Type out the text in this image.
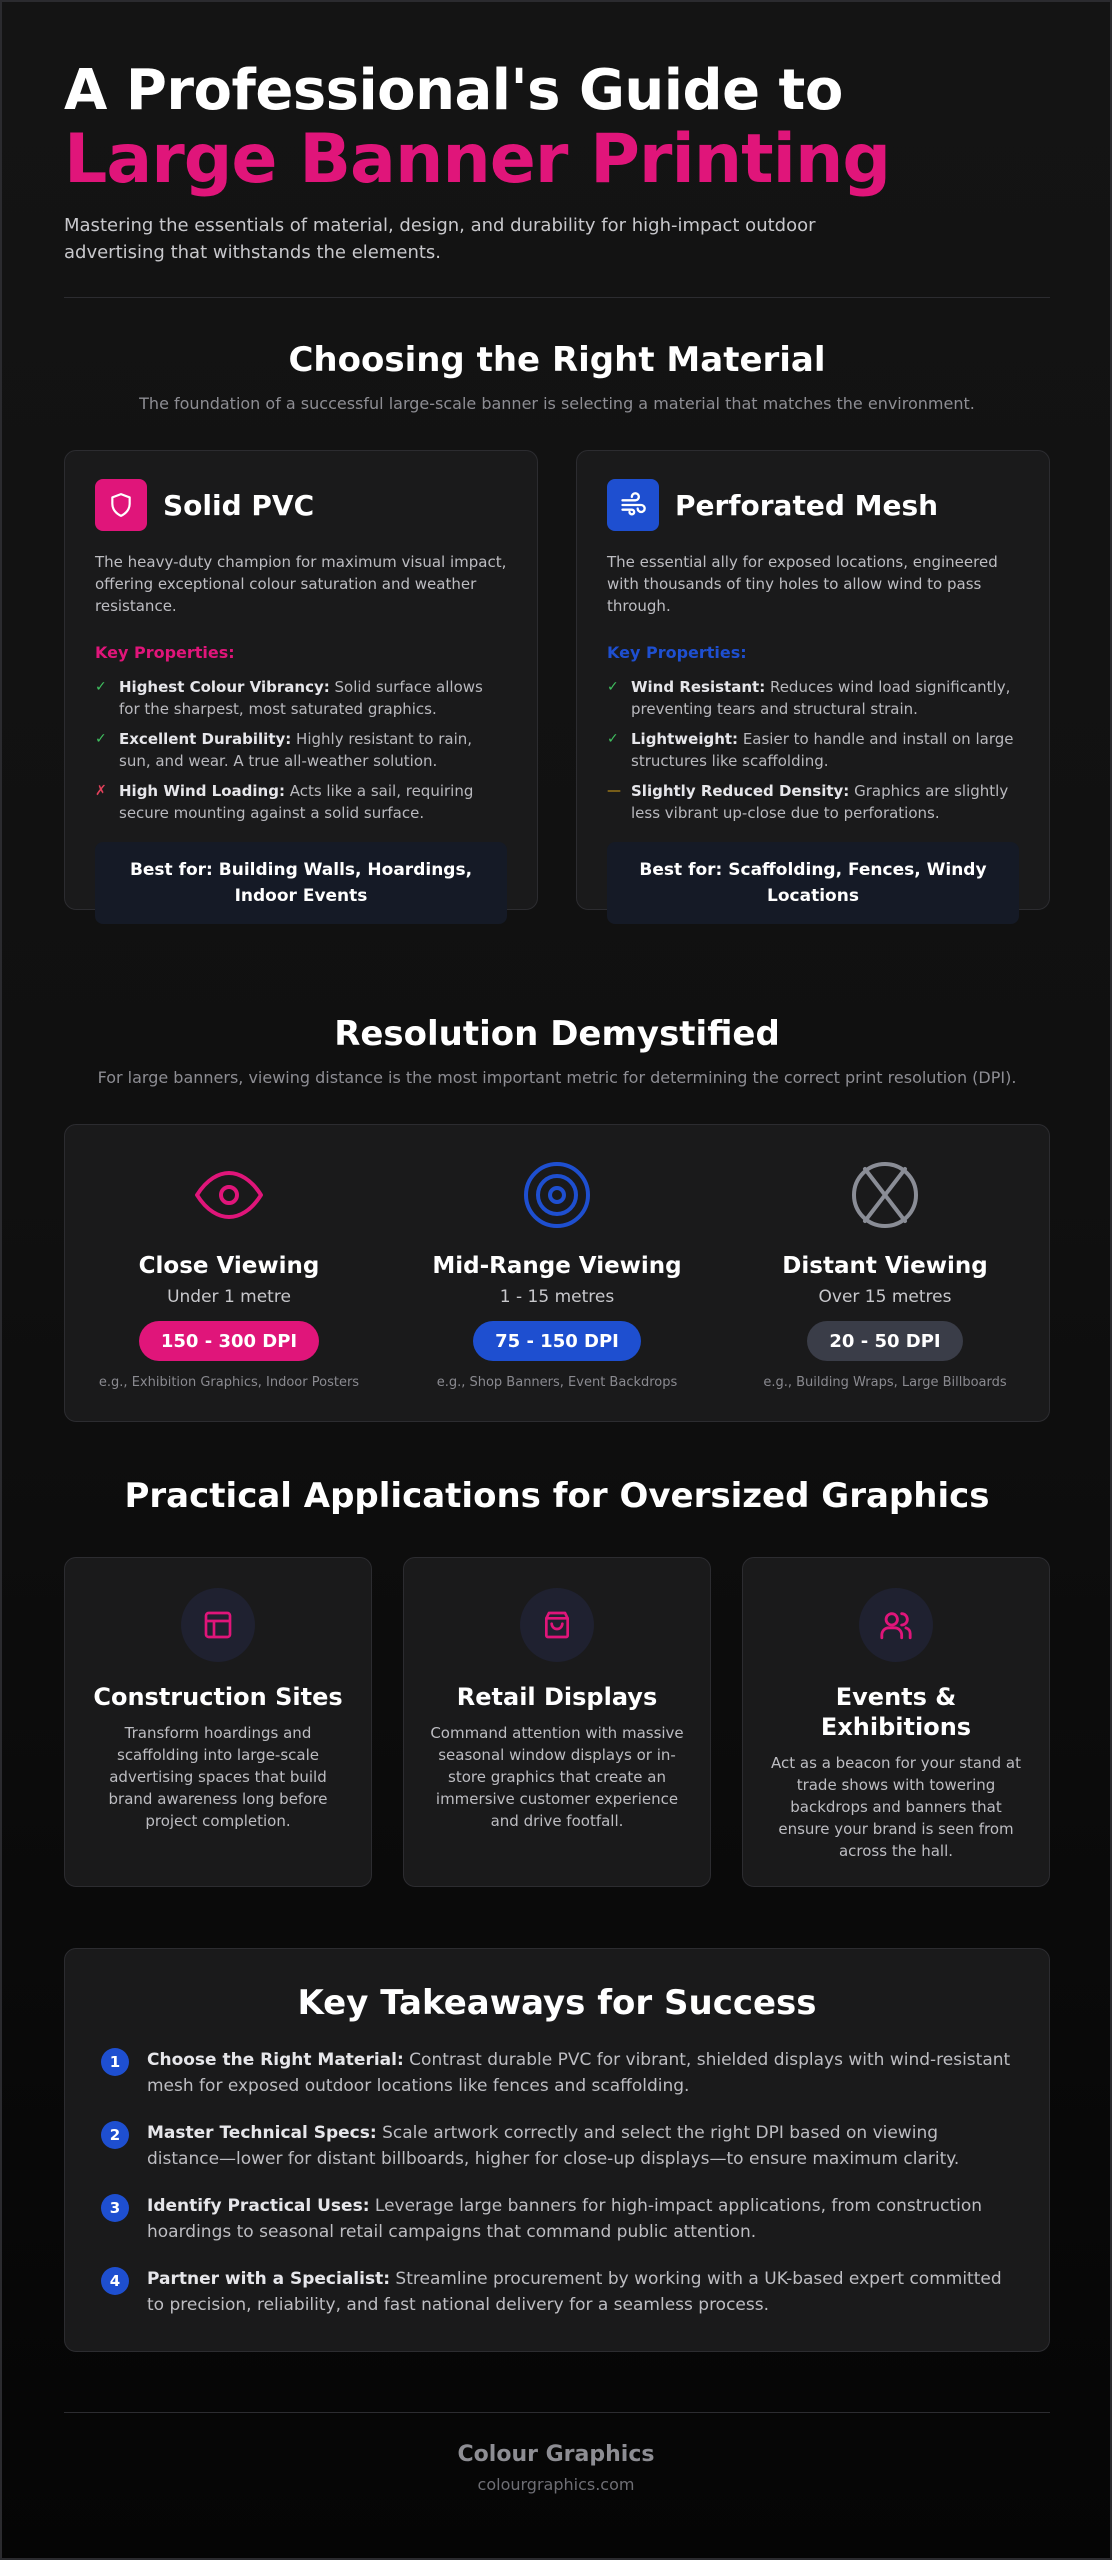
A Professional's Guide to
Large Banner Printing

Mastering the essentials of material, design, and durability for high-impact outdoor advertising that withstands the elements.

Choosing the Right Material

The foundation of a successful large-scale banner is selecting a material that matches the environment.

Solid PVC

The heavy-duty champion for maximum visual impact, offering exceptional colour saturation and weather resistance.

Key Properties:
✓ Highest Colour Vibrancy: Solid surface allows for the sharpest, most saturated graphics.
✓ Excellent Durability: Highly resistant to rain, sun, and wear. A true all-weather solution.
✗ High Wind Loading: Acts like a sail, requiring secure mounting against a solid surface.
Best for: Building Walls, Hoardings, Indoor Events
Perforated Mesh

The essential ally for exposed locations, engineered with thousands of tiny holes to allow wind to pass through.

Key Properties:
✓ Wind Resistant: Reduces wind load significantly, preventing tears and structural strain.
✓ Lightweight: Easier to handle and install on large structures like scaffolding.
— Slightly Reduced Density: Graphics are slightly less vibrant up-close due to perforations.
Best for: Scaffolding, Fences, Windy Locations
Resolution Demystified

For large banners, viewing distance is the most important metric for determining the correct print resolution (DPI).

Close Viewing
Under 1 metre
150 - 300 DPI
e.g., Exhibition Graphics, Indoor Posters
Mid-Range Viewing
1 - 15 metres
75 - 150 DPI
e.g., Shop Banners, Event Backdrops
Distant Viewing
Over 15 metres
20 - 50 DPI
e.g., Building Wraps, Large Billboards
Practical Applications for Oversized Graphics
Construction Sites

Transform hoardings and scaffolding into large-scale advertising spaces that build brand awareness long before project completion.

Retail Displays

Command attention with massive seasonal window displays or in-store graphics that create an immersive customer experience and drive footfall.

Events & Exhibitions

Act as a beacon for your stand at trade shows with towering backdrops and banners that ensure your brand is seen from across the hall.

Key Takeaways for Success
1	Choose the Right Material: Contrast durable PVC for vibrant, shielded displays with wind-resistant mesh for exposed outdoor locations like fences and scaffolding.
2	Master Technical Specs: Scale artwork correctly and select the right DPI based on viewing distance—lower for distant billboards, higher for close-up displays—to ensure maximum clarity.
3	Identify Practical Uses: Leverage large banners for high-impact applications, from construction hoardings to seasonal retail campaigns that command public attention.
4	Partner with a Specialist: Streamline procurement by working with a UK-based expert committed to precision, reliability, and fast national delivery for a seamless process.
Colour Graphics
colourgraphics.com
